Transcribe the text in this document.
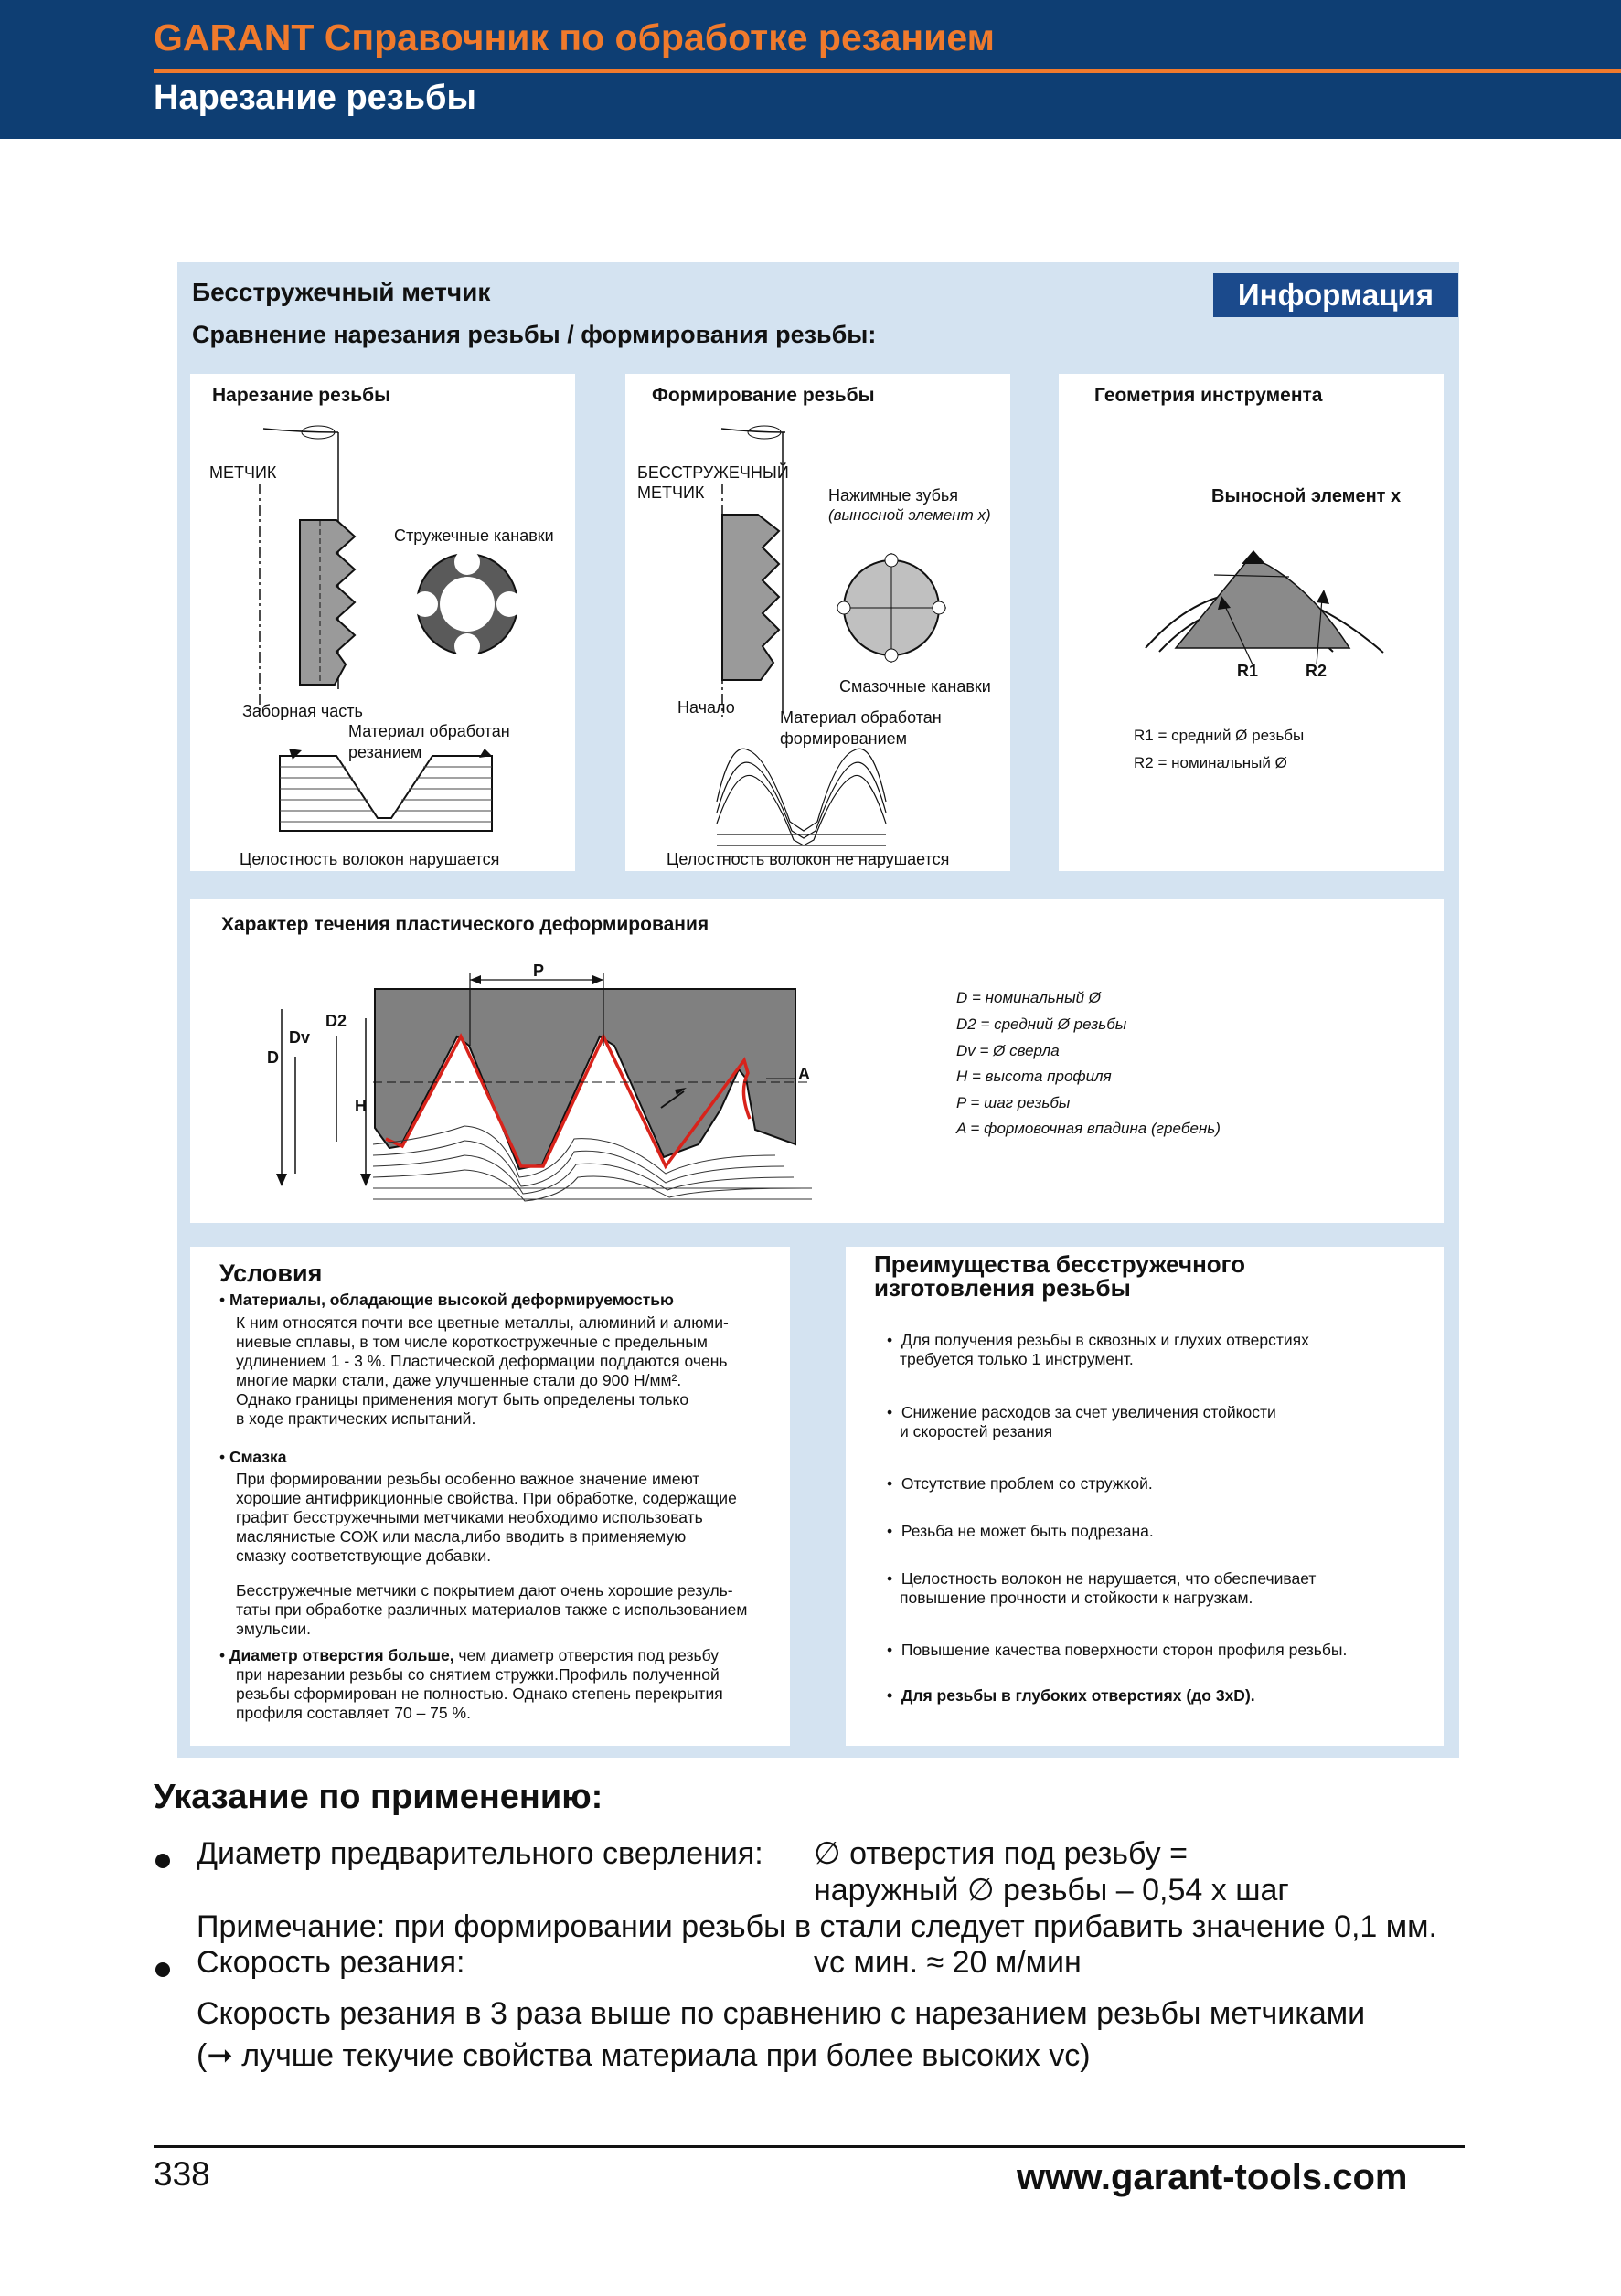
GARANT Справочник по обработке резанием
Нарезание резьбы
Бесстружечный метчик
Сравнение нарезания резьбы / формирования резьбы:
Информация
Нарезание резьбы
МЕТЧИК
Стружечные канавки
Заборная часть
Материал обработан
резанием
Целостность волокон нарушается
Формирование резьбы
БЕССТРУЖЕЧНЫЙ
МЕТЧИК	Нажимные зубья
(выносной элемент x)
Смазочные канавки
Начало
Материал обработан
формированием
Целостность волокон не нарушается
Геометрия инструмента
Выносной элемент x
R1	R2
R1 = средний Ø резьбы
R2 = номинальный Ø
Характер течения пластического деформирования
P
D
Dv
D2
H
A
D = номинальный Ø
D2 = средний Ø резьбы
Dv = Ø сверла
H = высота профиля
P = шаг резьбы
A = формовочная впадина (гребень)
Условия
• Материалы, обладающие высокой деформируемостью
К ним относятся почти все цветные металлы, алюминий и алюми-
ниевые сплавы, в том числе короткостружечные с предельным
удлинением 1 - 3 %. Пластической деформации поддаются очень
многие марки стали, даже улучшенные стали до 900 Н/мм².
Однако границы применения могут быть определены только
в ходе практических испытаний.
• Смазка
При формировании резьбы особенно важное значение имеют
хорошие антифрикционные свойства. При обработке, содержащие
графит бесстружечными метчиками необходимо использовать
маслянистые СОЖ или масла,либо вводить в применяемую
смазку соответствующие добавки.
Бесстружечные метчики с покрытием дают очень хорошие резуль-
таты при обработке различных материалов также с использованием
эмульсии.
• Диаметр отверстия больше, чем диаметр отверстия под резьбу
при нарезании резьбы со снятием стружки.Профиль полученной
резьбы сформирован не полностью. Однако степень перекрытия
профиля составляет 70 – 75 %.
Преимущества бесстружечного
изготовления резьбы
•  Для получения резьбы в сквозных и глухих отверстиях
требуется только 1 инструмент.
•  Снижение расходов за счет увеличения стойкости
и скоростей резания
•  Отсутствие проблем со стружкой.
•  Резьба не может быть подрезана.
•  Целостность волокон не нарушается, что обеспечивает
повышение прочности и стойкости к нагрузкам.
•  Повышение качества поверхности сторон профиля резьбы.
•  Для резьбы в глубоких отверстиях (до 3xD).
Указание по применению:
Диаметр предварительного сверления: ∅ отверстия под резьбу =
наружный ∅ резьбы – 0,54 x шаг
Примечание: при формировании резьбы в стали следует прибавить значение 0,1 мм.
Скорость резания:	vc мин. ≈ 20 м/мин
Скорость резания в 3 раза выше по сравнению с нарезанием резьбы метчиками
(➞ лучше текучие свойства материала при более высоких vc)
338	www.garant-tools.com
